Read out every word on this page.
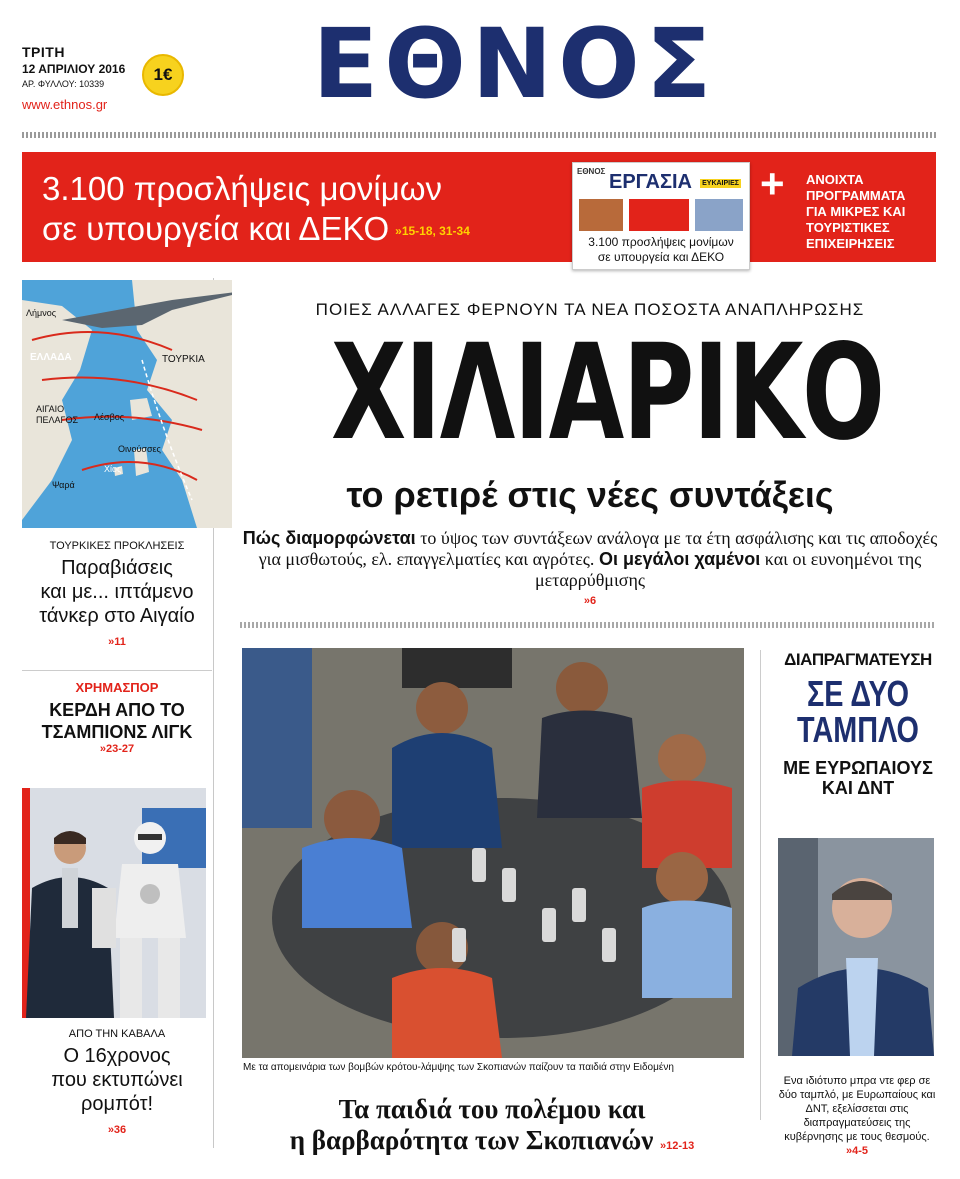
ΤΡΙΤΗ
12 ΑΠΡΙΛΙΟΥ 2016
ΑΡ. ΦΥΛΛΟΥ: 10339
www.ethnos.gr
1€	ΕΘΝΟΣ
3.100 προσλήψεις μονίμων
σε υπουργεία και ΔΕΚΟ »15-18, 31-34
ΕΘΝΟΣ ΕΡΓΑΣΙΑ ΕΥΚΑΙΡΙΕΣ
3.100 προσλήψεις μονίμων
σε υπουργεία και ΔΕΚΟ
+ ΑΝΟΙΧΤΑ
ΠΡΟΓΡΑΜΜΑΤΑ
ΓΙΑ ΜΙΚΡΕΣ ΚΑΙ
ΤΟΥΡΙΣΤΙΚΕΣ
ΕΠΙΧΕΙΡΗΣΕΙΣ
Λήμνος
ΕΛΛΑΔΑ	ΤΟΥΡΚΙΑ
ΑΙΓΑΙΟ
ΠΕΛΑΓΟΣ Λέσβος
Οινούσσες
Χίος
Ψαρά
ΤΟΥΡΚΙΚΕΣ ΠΡΟΚΛΗΣΕΙΣ
Παραβιάσεις
και με... ιπτάμενο
τάνκερ στο Αιγαίο
»11
ΧΡΗΜΑΣΠΟΡ
ΚΕΡΔΗ ΑΠΟ ΤΟ
ΤΣΑΜΠΙΟΝΣ ΛΙΓΚ
»23-27
ΑΠΟ ΤΗΝ ΚΑΒΑΛΑ
Ο 16χρονος
που εκτυπώνει
ρομπότ!
»36
ΠΟΙΕΣ ΑΛΛΑΓΕΣ ΦΕΡΝΟΥΝ ΤΑ ΝΕΑ ΠΟΣΟΣΤΑ ΑΝΑΠΛΗΡΩΣΗΣ
ΧΙΛΙΑΡΙΚΟ
το ρετιρέ στις νέες συντάξεις
Πώς διαμορφώνεται το ύψος των συντάξεων ανάλογα με τα έτη ασφάλισης και τις αποδοχές για μισθωτούς, ελ. επαγγελματίες και αγρότες. Οι μεγάλοι χαμένοι και οι ευνοημένοι της μεταρρύθμισης
»6
Με τα απομεινάρια των βομβών κρότου-λάμψης των Σκοπιανών παίζουν τα παιδιά στην Ειδομένη
Τα παιδιά του πολέμου και
η βαρβαρότητα των Σκοπιανών »12-13
ΔΙΑΠΡΑΓΜΑΤΕΥΣΗ
ΣΕ ΔΥΟ
ΤΑΜΠΛΟ
ΜΕ ΕΥΡΩΠΑΙΟΥΣ
ΚΑΙ ΔΝΤ
Ενα ιδιότυπο μπρα ντε φερ σε δύο ταμπλό, με Ευρωπαίους και ΔΝΤ, εξελίσσεται στις διαπραγματεύσεις της κυβέρνησης με τους θεσμούς. »4-5
